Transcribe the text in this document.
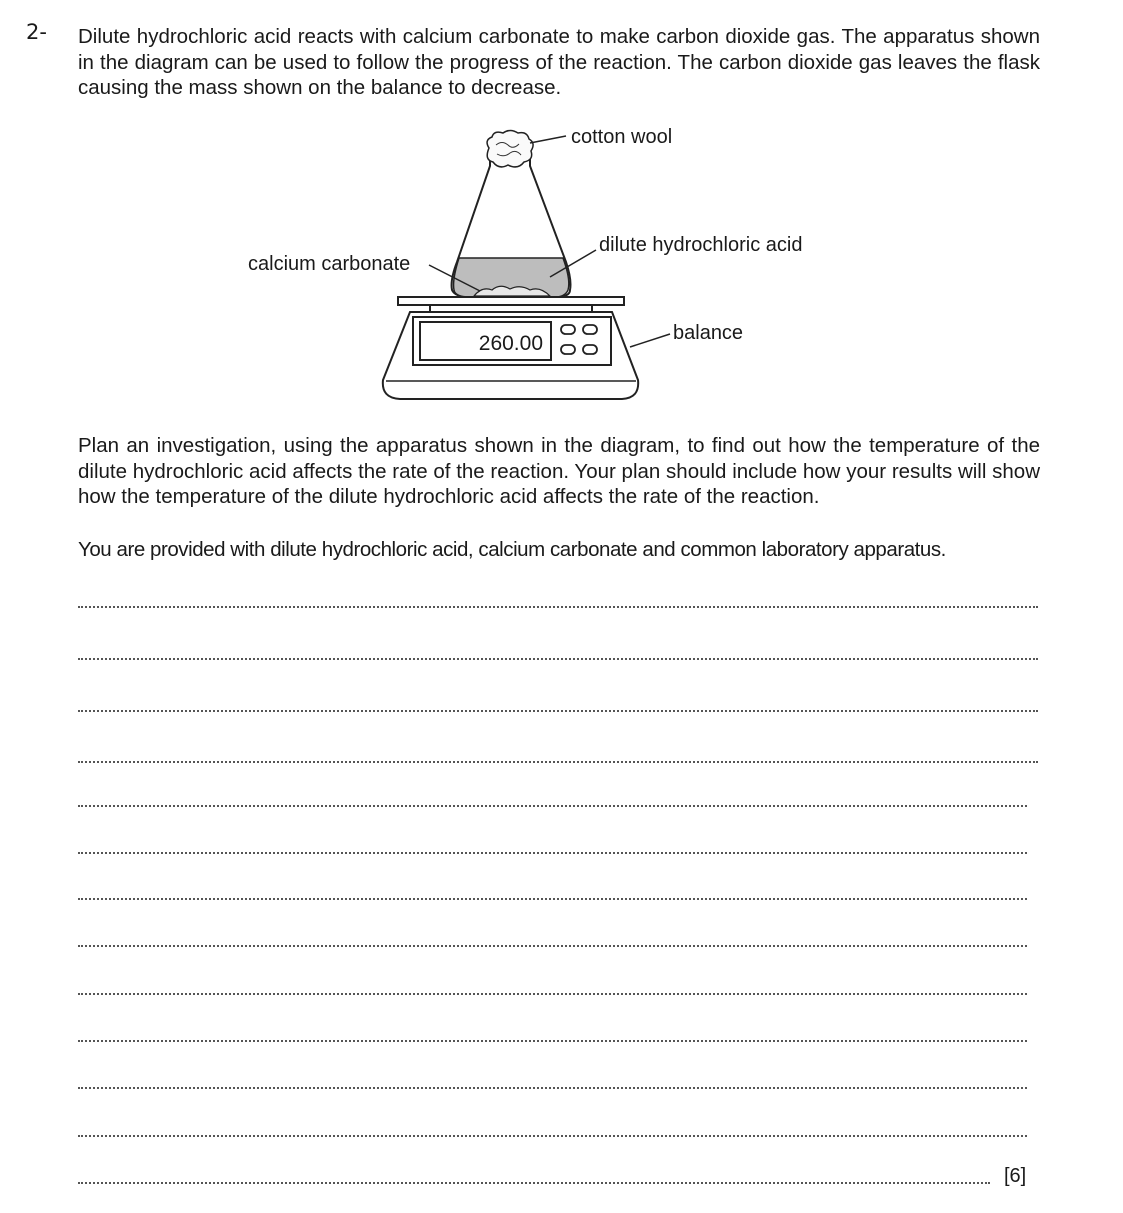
2- Dilute hydrochloric acid reacts with calcium carbonate to make carbon dioxide gas. The apparatus shown in the diagram can be used to follow the progress of the reaction. The carbon dioxide gas leaves the flask causing the mass shown on the balance to decrease.

260.00
cotton wool
dilute hydrochloric acid
calcium carbonate
balance

Plan an investigation, using the apparatus shown in the diagram, to find out how the temperature of the dilute hydrochloric acid affects the rate of the reaction. Your plan should include how your results will show how the temperature of the dilute hydrochloric acid affects the rate of the reaction.

You are provided with dilute hydrochloric acid, calcium carbonate and common laboratory apparatus.

[6]
